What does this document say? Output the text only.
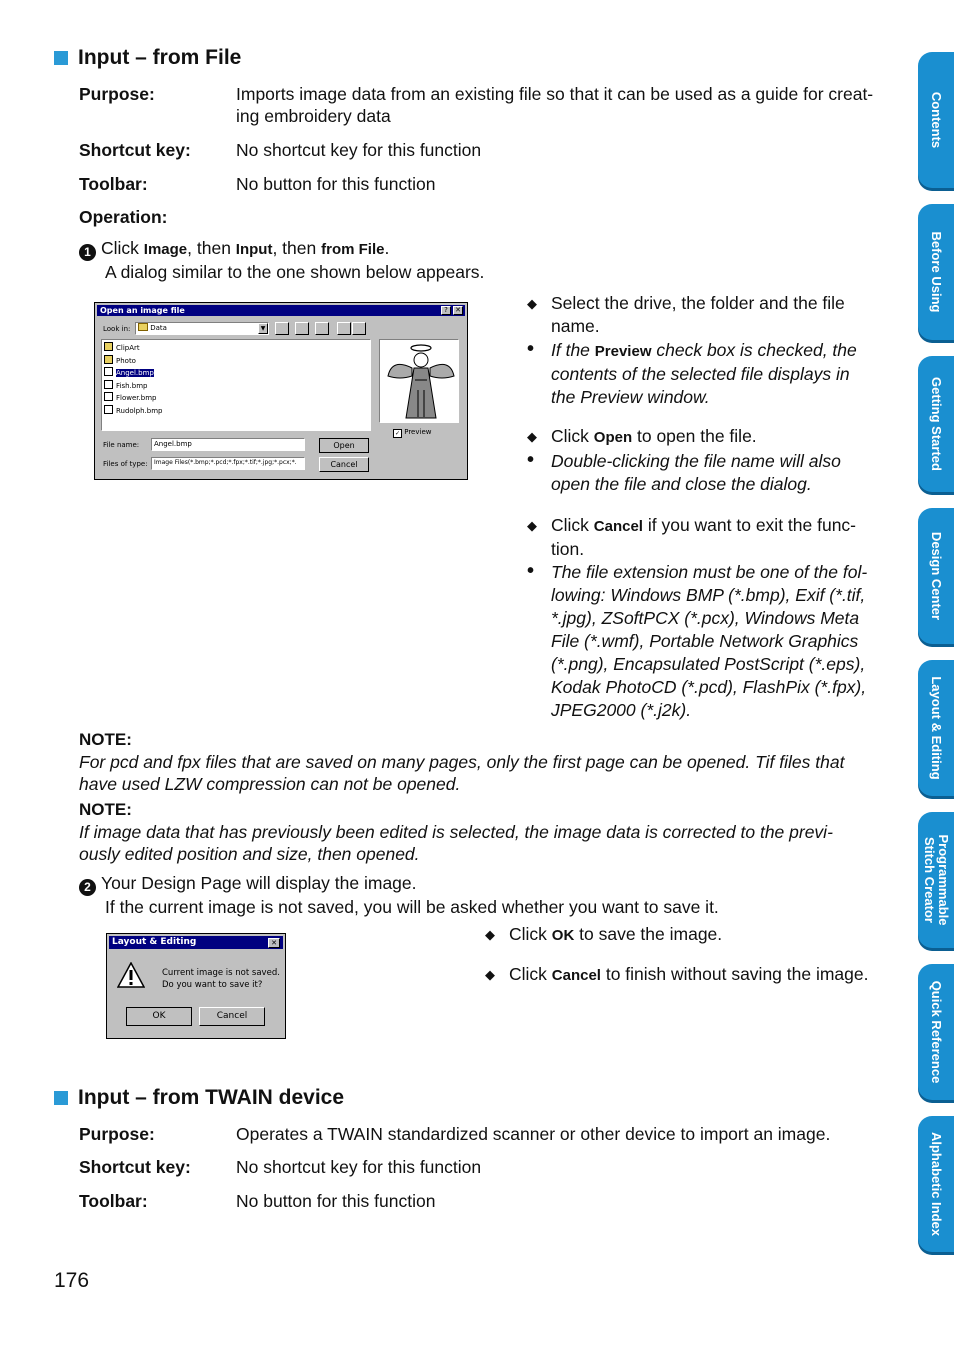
Input – from File
Purpose:	Imports image data from an existing file so that it can be used as a guide for creat-
ing embroidery data
Shortcut key:	No shortcut key for this function
Toolbar:	No button for this function
Operation:
1 Click Image, then Input, then from File.
A dialog similar to the one shown below appears.
Open an image file	?	✕
Look in:	Data	▼
ClipArt
Photo
Angel.bmp
Fish.bmp
Flower.bmp
Rudolph.bmp
✓ Preview
File name:	Angel.bmp
Files of type:	Image Files(*.bmp;*.pcd;*.fpx;*.tif;*.jpg;*.pcx;*.
Open
Cancel
◆ Select the drive, the folder and the file
name.
• If the Preview check box is checked, the
contents of the selected file displays in
the Preview window.
◆ Click Open to open the file.
• Double-clicking the file name will also
open the file and close the dialog.
◆ Click Cancel if you want to exit the func-
tion.
• The file extension must be one of the fol-
lowing: Windows BMP (*.bmp), Exif (*.tif,
*.jpg), ZSoftPCX (*.pcx), Windows Meta
File (*.wmf), Portable Network Graphics
(*.png), Encapsulated PostScript (*.eps),
Kodak PhotoCD (*.pcd), FlashPix (*.fpx),
JPEG2000 (*.j2k).
NOTE:
For pcd and fpx files that are saved on many pages, only the first page can be opened. Tif files that
have used LZW compression can not be opened.
NOTE:
If image data that has previously been edited is selected, the image data is corrected to the previ-
ously edited position and size, then opened.
2 Your Design Page will display the image.
If the current image is not saved, you will be asked whether you want to save it.
Layout & Editing	✕
Current image is not saved.
Do you want to save it?
OK	Cancel
◆ Click OK to save the image.
◆ Click Cancel to finish without saving the image.
Input – from TWAIN device
Purpose:	Operates a TWAIN standardized scanner or other device to import an image.
Shortcut key:	No shortcut key for this function
Toolbar:	No button for this function
176
Contents
Before Using
Getting Started
Design Center
Layout & Editing
Programmable Stitch Creator
Quick Reference
Alphabetic Index
